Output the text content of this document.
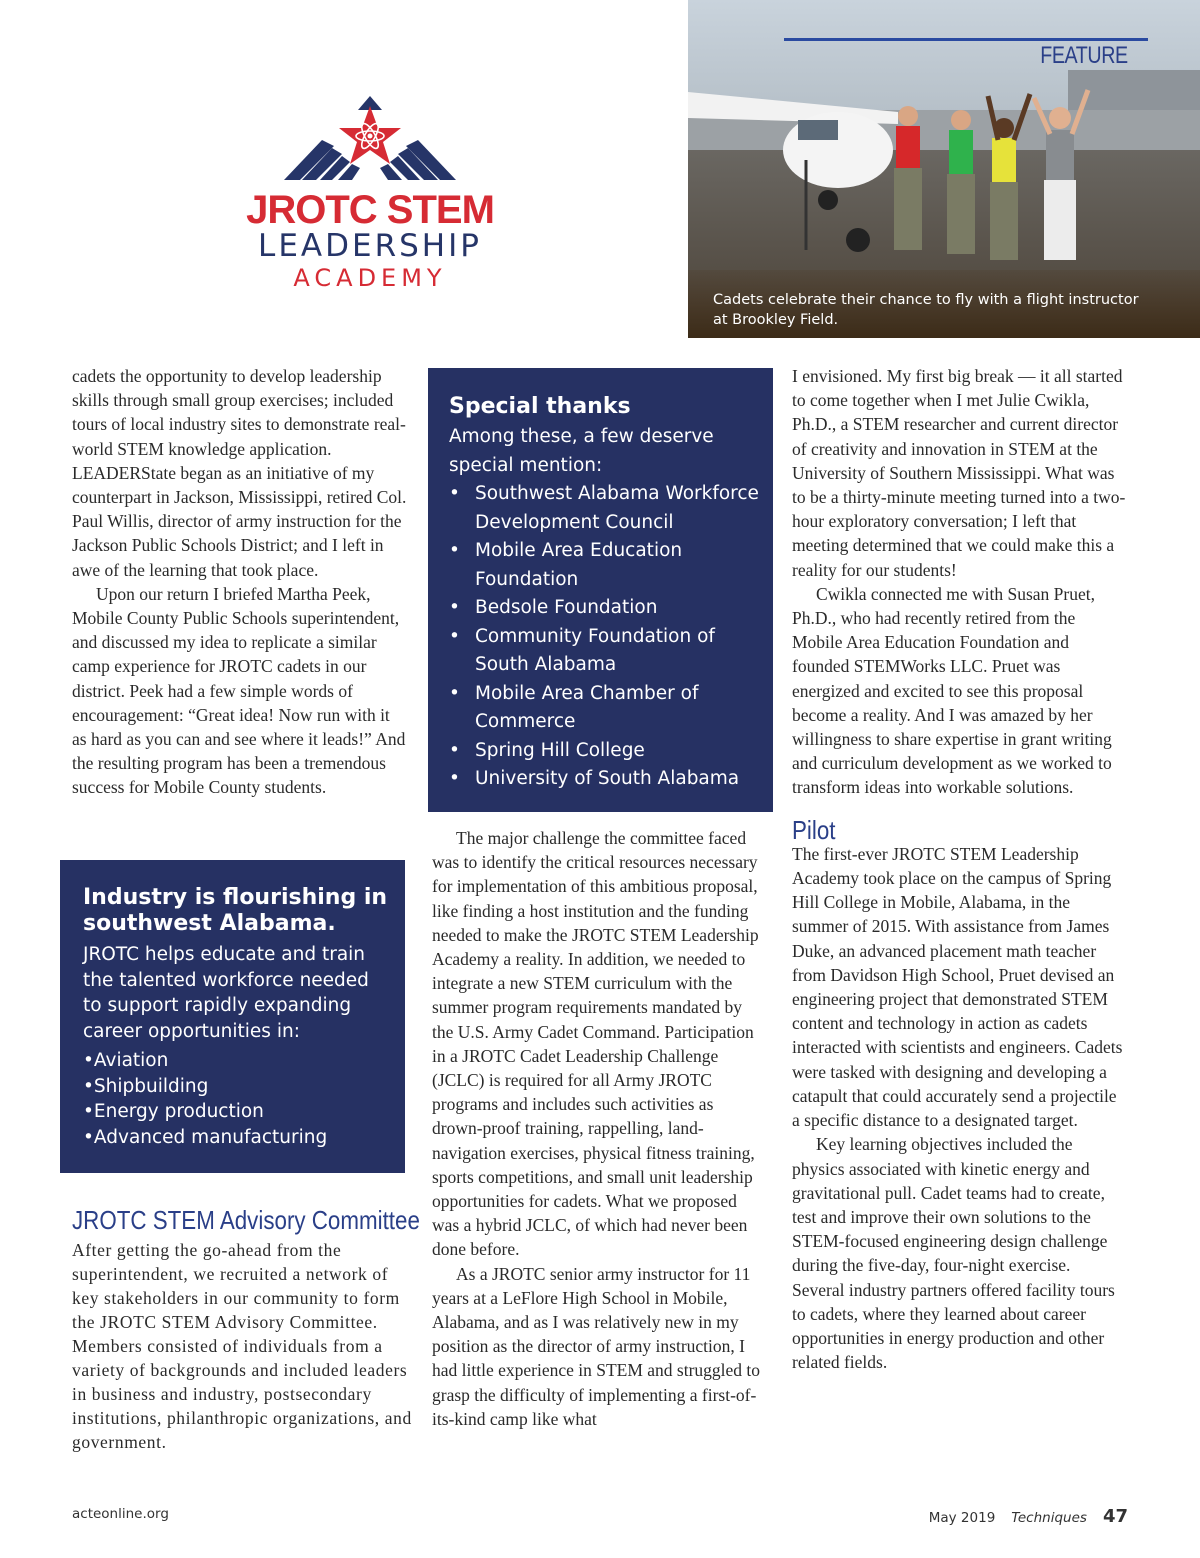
JROTC STEM
LEADERSHIP
ACADEMY
FEATURE
Cadets celebrate their chance to fly with a flight instructor at Brookley Field.

cadets the opportunity to develop leadership skills through small group exercises; included tours of local industry sites to demonstrate real-world STEM knowledge application. LEADERState began as an initiative of my counterpart in Jackson, Mississippi, retired Col. Paul Willis, director of army instruction for the Jackson Public Schools District; and I left in awe of the learning that took place.

Upon our return I briefed Martha Peek, Mobile County Public Schools superintendent, and discussed my idea to replicate a similar camp experience for JROTC cadets in our district. Peek had a few simple words of encouragement: “Great idea! Now run with it as hard as you can and see where it leads!” And the resulting program has been a tremendous success for Mobile County students.

Industry is flourishing in southwest Alabama.
JROTC helps educate and train the talented workforce needed to support rapidly expanding career opportunities in:
• Aviation
• Shipbuilding
• Energy production
• Advanced manufacturing
JROTC STEM Advisory Committee
After getting the go-ahead from the superintendent, we recruited a network of key stakeholders in our community to form the JROTC STEM Advisory Committee. Members consisted of individuals from a variety of backgrounds and included leaders in business and industry, postsecondary institutions, philanthropic organizations, and government.
Special thanks
Among these, a few deserve special mention:
• Southwest Alabama Workforce Development Council
• Mobile Area Education Foundation
• Bedsole Foundation
• Community Foundation of South Alabama
• Mobile Area Chamber of Commerce
• Spring Hill College
• University of South Alabama

The major challenge the committee faced was to identify the critical resources necessary for implementation of this ambitious proposal, like finding a host institution and the funding needed to make the JROTC STEM Leadership Academy a reality. In addition, we needed to integrate a new STEM curriculum with the summer program requirements mandated by the U.S. Army Cadet Command. Participation in a JROTC Cadet Leadership Challenge (JCLC) is required for all Army JROTC programs and includes such activities as drown-proof training, rappelling, land-navigation exercises, physical fitness training, sports competitions, and small unit leadership opportunities for cadets. What we proposed was a hybrid JCLC, of which had never been done before.

As a JROTC senior army instructor for 11 years at a LeFlore High School in Mobile, Alabama, and as I was relatively new in my position as the director of army instruction, I had little experience in STEM and struggled to grasp the difficulty of implementing a first-of-its-kind camp like what

I envisioned. My first big break — it all started to come together when I met Julie Cwikla, Ph.D., a STEM researcher and current director of creativity and innovation in STEM at the University of Southern Mississippi. What was to be a thirty-minute meeting turned into a two-hour exploratory conversation; I left that meeting determined that we could make this a reality for our students!

Cwikla connected me with Susan Pruet, Ph.D., who had recently retired from the Mobile Area Education Foundation and founded STEMWorks LLC. Pruet was energized and excited to see this proposal become a reality. And I was amazed by her willingness to share expertise in grant writing and curriculum development as we worked to transform ideas into workable solutions.

Pilot

The first-ever JROTC STEM Leadership Academy took place on the campus of Spring Hill College in Mobile, Alabama, in the summer of 2015. With assistance from James Duke, an advanced placement math teacher from Davidson High School, Pruet devised an engineering project that demonstrated STEM content and technology in action as cadets interacted with scientists and engineers. Cadets were tasked with designing and developing a catapult that could accurately send a projectile a specific distance to a designated target.

Key learning objectives included the physics associated with kinetic energy and gravitational pull. Cadet teams had to create, test and improve their own solutions to the STEM-focused engineering design challenge during the five-day, four-night exercise. Several industry partners offered facility tours to cadets, where they learned about career opportunities in energy production and other related fields.

acteonline.org	May 2019 Techniques 47
